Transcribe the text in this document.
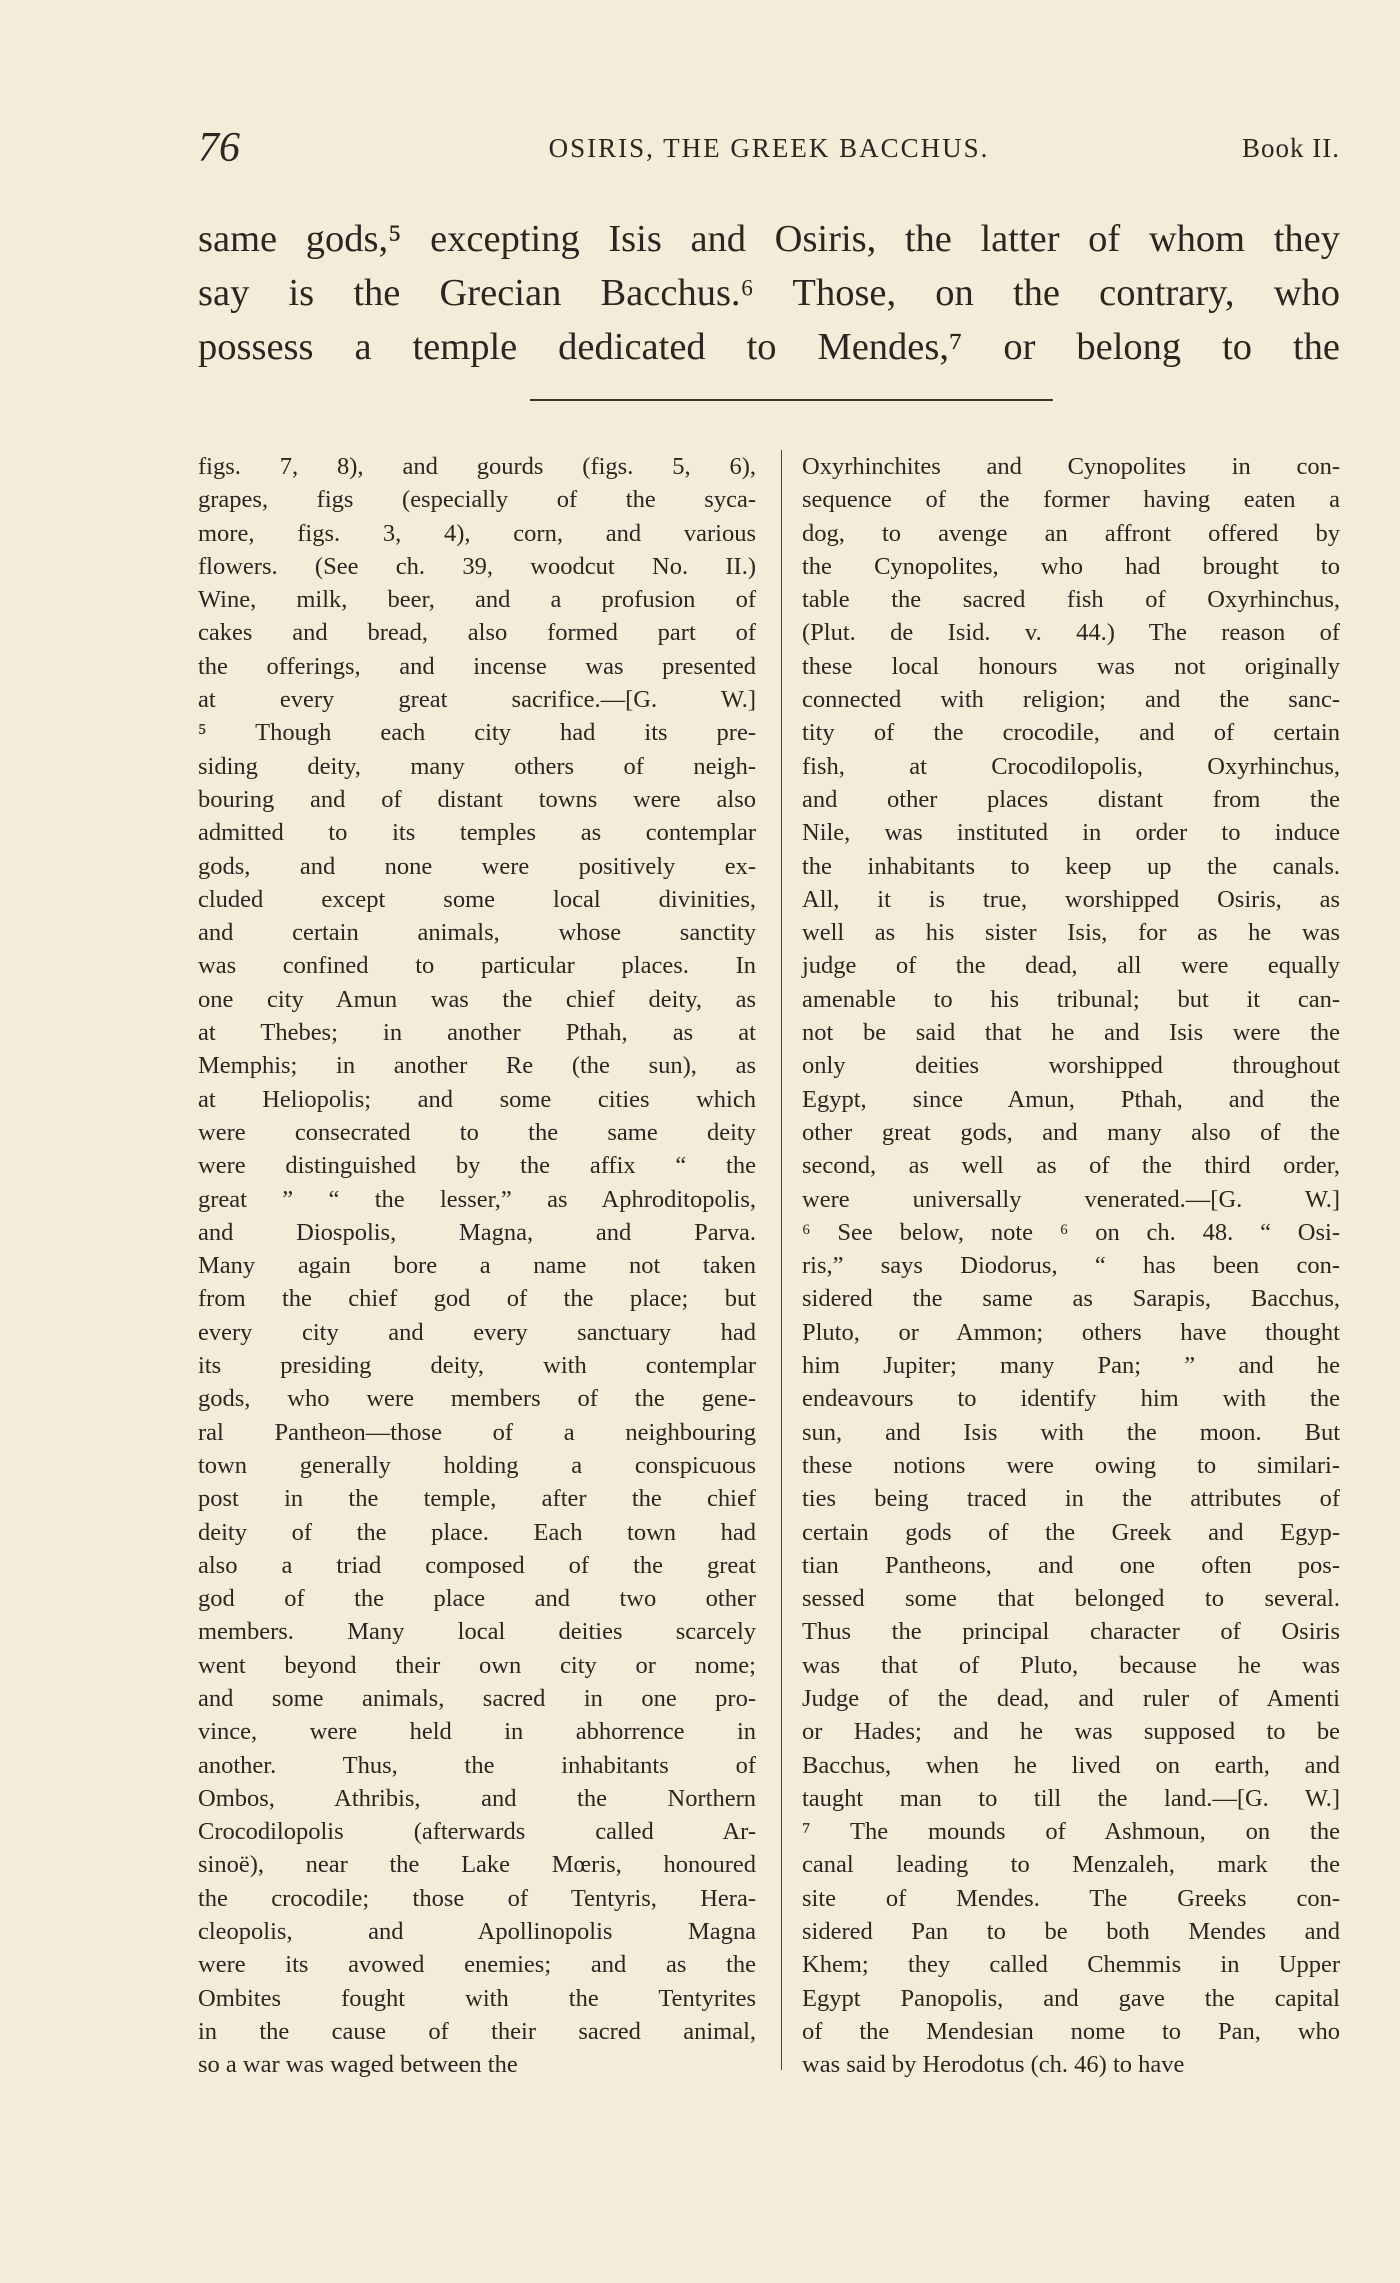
76	OSIRIS, THE GREEK BACCHUS.	Book II.
same gods,⁵ excepting Isis and Osiris, the latter of whom they
say is the Grecian Bacchus.⁶ Those, on the contrary, who
possess a temple dedicated to Mendes,⁷ or belong to the
figs. 7, 8), and gourds (figs. 5, 6),
grapes, figs (especially of the syca-
more, figs. 3, 4), corn, and various
flowers. (See ch. 39, woodcut No. II.)
Wine, milk, beer, and a profusion of
cakes and bread, also formed part of
the offerings, and incense was presented
at every great sacrifice.—[G. W.]
⁵ Though each city had its pre-
siding deity, many others of neigh-
bouring and of distant towns were also
admitted to its temples as contemplar
gods, and none were positively ex-
cluded except some local divinities,
and certain animals, whose sanctity
was confined to particular places. In
one city Amun was the chief deity, as
at Thebes; in another Pthah, as at
Memphis; in another Re (the sun), as
at Heliopolis; and some cities which
were consecrated to the same deity
were distinguished by the affix “ the
great ” “ the lesser,” as Aphroditopolis,
and Diospolis, Magna, and Parva.
Many again bore a name not taken
from the chief god of the place; but
every city and every sanctuary had
its presiding deity, with contemplar
gods, who were members of the gene-
ral Pantheon—those of a neighbouring
town generally holding a conspicuous
post in the temple, after the chief
deity of the place. Each town had
also a triad composed of the great
god of the place and two other
members. Many local deities scarcely
went beyond their own city or nome;
and some animals, sacred in one pro-
vince, were held in abhorrence in
another. Thus, the inhabitants of
Ombos, Athribis, and the Northern
Crocodilopolis (afterwards called Ar-
sinoë), near the Lake Mœris, honoured
the crocodile; those of Tentyris, Hera-
cleopolis, and Apollinopolis Magna
were its avowed enemies; and as the
Ombites fought with the Tentyrites
in the cause of their sacred animal,
so a war was waged between the
Oxyrhinchites and Cynopolites in con-
sequence of the former having eaten a
dog, to avenge an affront offered by
the Cynopolites, who had brought to
table the sacred fish of Oxyrhinchus,
(Plut. de Isid. v. 44.) The reason of
these local honours was not originally
connected with religion; and the sanc-
tity of the crocodile, and of certain
fish, at Crocodilopolis, Oxyrhinchus,
and other places distant from the
Nile, was instituted in order to induce
the inhabitants to keep up the canals.
All, it is true, worshipped Osiris, as
well as his sister Isis, for as he was
judge of the dead, all were equally
amenable to his tribunal; but it can-
not be said that he and Isis were the
only deities worshipped throughout
Egypt, since Amun, Pthah, and the
other great gods, and many also of the
second, as well as of the third order,
were universally venerated.—[G. W.]
⁶ See below, note ⁶ on ch. 48. “ Osi-
ris,” says Diodorus, “ has been con-
sidered the same as Sarapis, Bacchus,
Pluto, or Ammon; others have thought
him Jupiter; many Pan; ” and he
endeavours to identify him with the
sun, and Isis with the moon. But
these notions were owing to similari-
ties being traced in the attributes of
certain gods of the Greek and Egyp-
tian Pantheons, and one often pos-
sessed some that belonged to several.
Thus the principal character of Osiris
was that of Pluto, because he was
Judge of the dead, and ruler of Amenti
or Hades; and he was supposed to be
Bacchus, when he lived on earth, and
taught man to till the land.—[G. W.]
⁷ The mounds of Ashmoun, on the
canal leading to Menzaleh, mark the
site of Mendes. The Greeks con-
sidered Pan to be both Mendes and
Khem; they called Chemmis in Upper
Egypt Panopolis, and gave the capital
of the Mendesian nome to Pan, who
was said by Herodotus (ch. 46) to have
